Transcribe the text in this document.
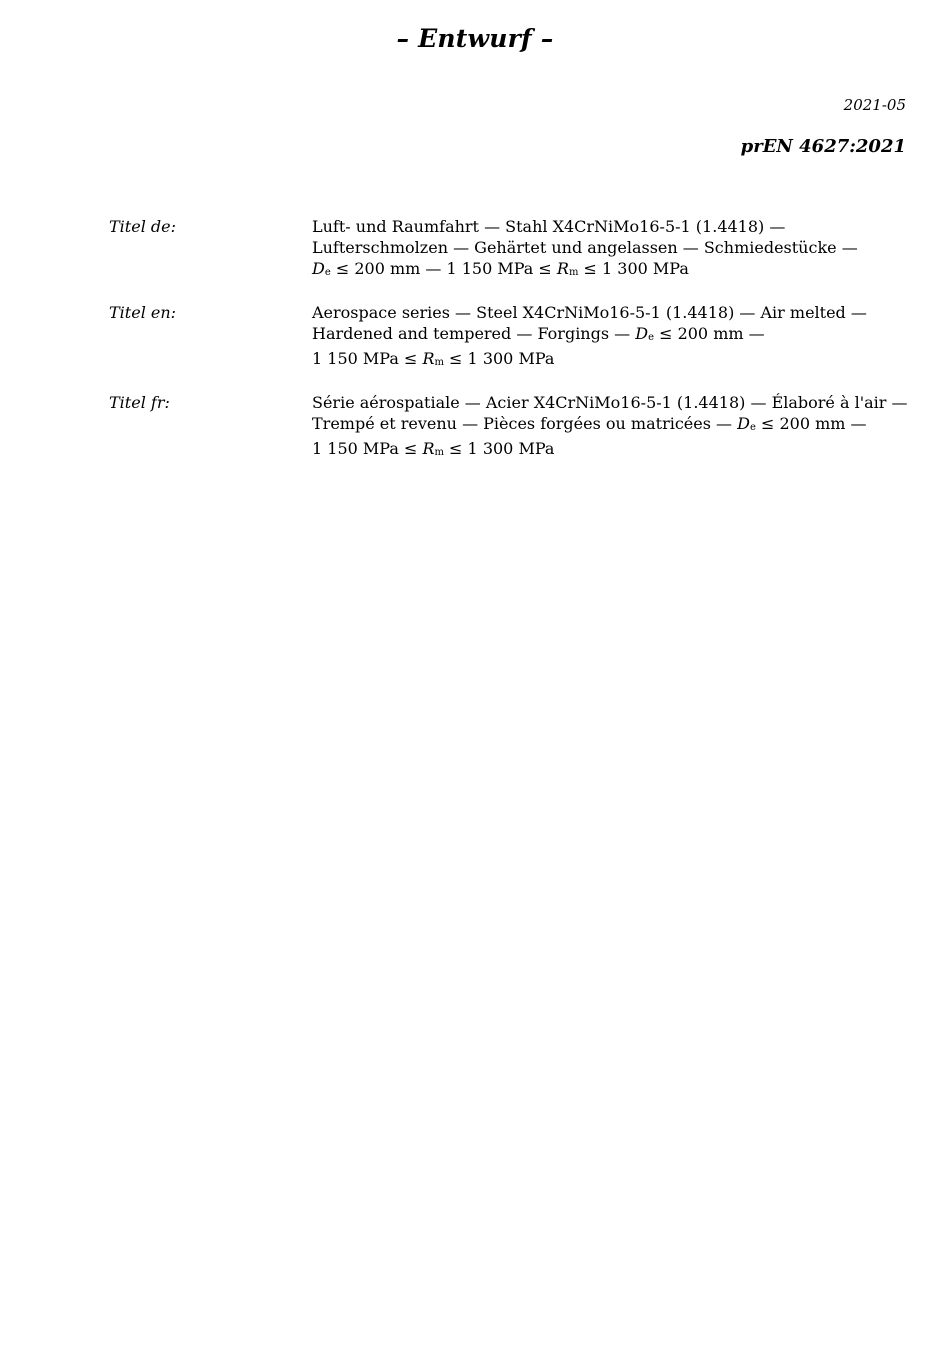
– Entwurf –
2021-05
prEN 4627:2021
Titel de:	Luft- und Raumfahrt — Stahl X4CrNiMo16-5-1 (1.4418) —
Lufterschmolzen — Gehärtet und angelassen — Schmiedestücke —
De ≤ 200 mm — 1 150 MPa ≤ Rm ≤ 1 300 MPa
Titel en:	Aerospace series — Steel X4CrNiMo16-5-1 (1.4418) — Air melted —
Hardened and tempered — Forgings — De ≤ 200 mm —
1 150 MPa ≤ Rm ≤ 1 300 MPa
Titel fr:	Série aérospatiale — Acier X4CrNiMo16-5-1 (1.4418) — Élaboré à l'air —
Trempé et revenu — Pièces forgées ou matricées — De ≤ 200 mm —
1 150 MPa ≤ Rm ≤ 1 300 MPa
